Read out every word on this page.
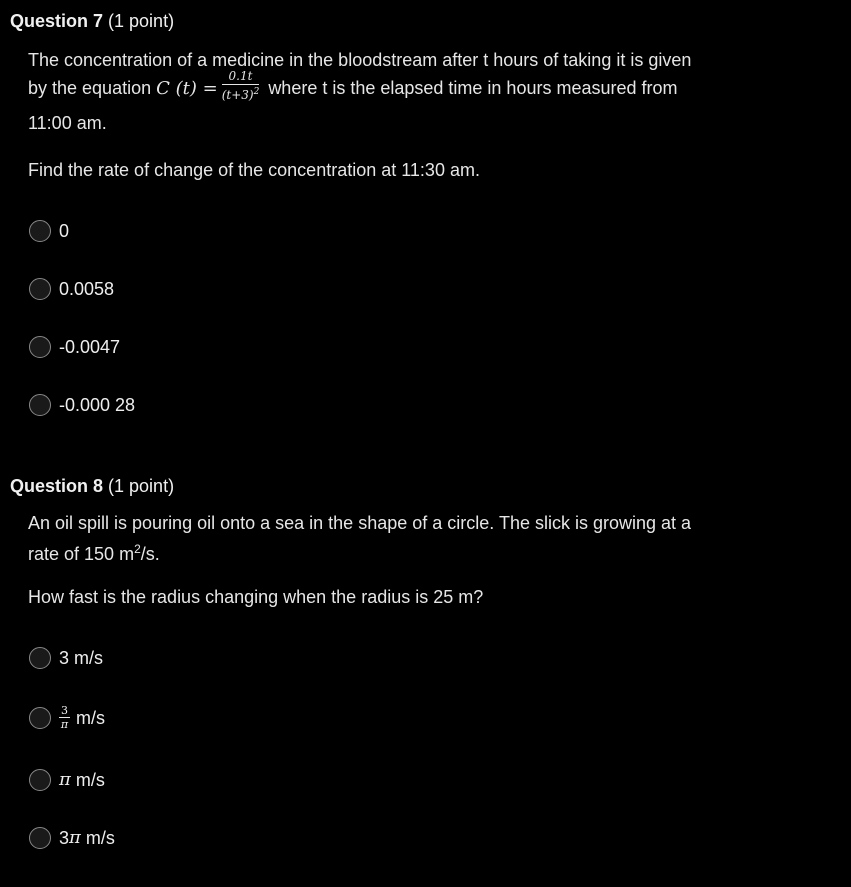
Question 7 (1 point)
The concentration of a medicine in the bloodstream after t hours of taking it is given
by the equation C $(t) = \frac{0.1t}{(t+3)^2}$ where t is the elapsed time in hours measured from
11:00 am.
Find the rate of change of the concentration at 11:30 am.
0
0.0058
-0.0047
-0.000 28
Question 8 (1 point)
An oil spill is pouring oil onto a sea in the shape of a circle. The slick is growing at a
rate of 150 $m^2/s$.
How fast is the radius changing when the radius is 25 m?
3 m/s
$\frac{3}{\pi} m/s$
π
m/s
3 π
m/s
